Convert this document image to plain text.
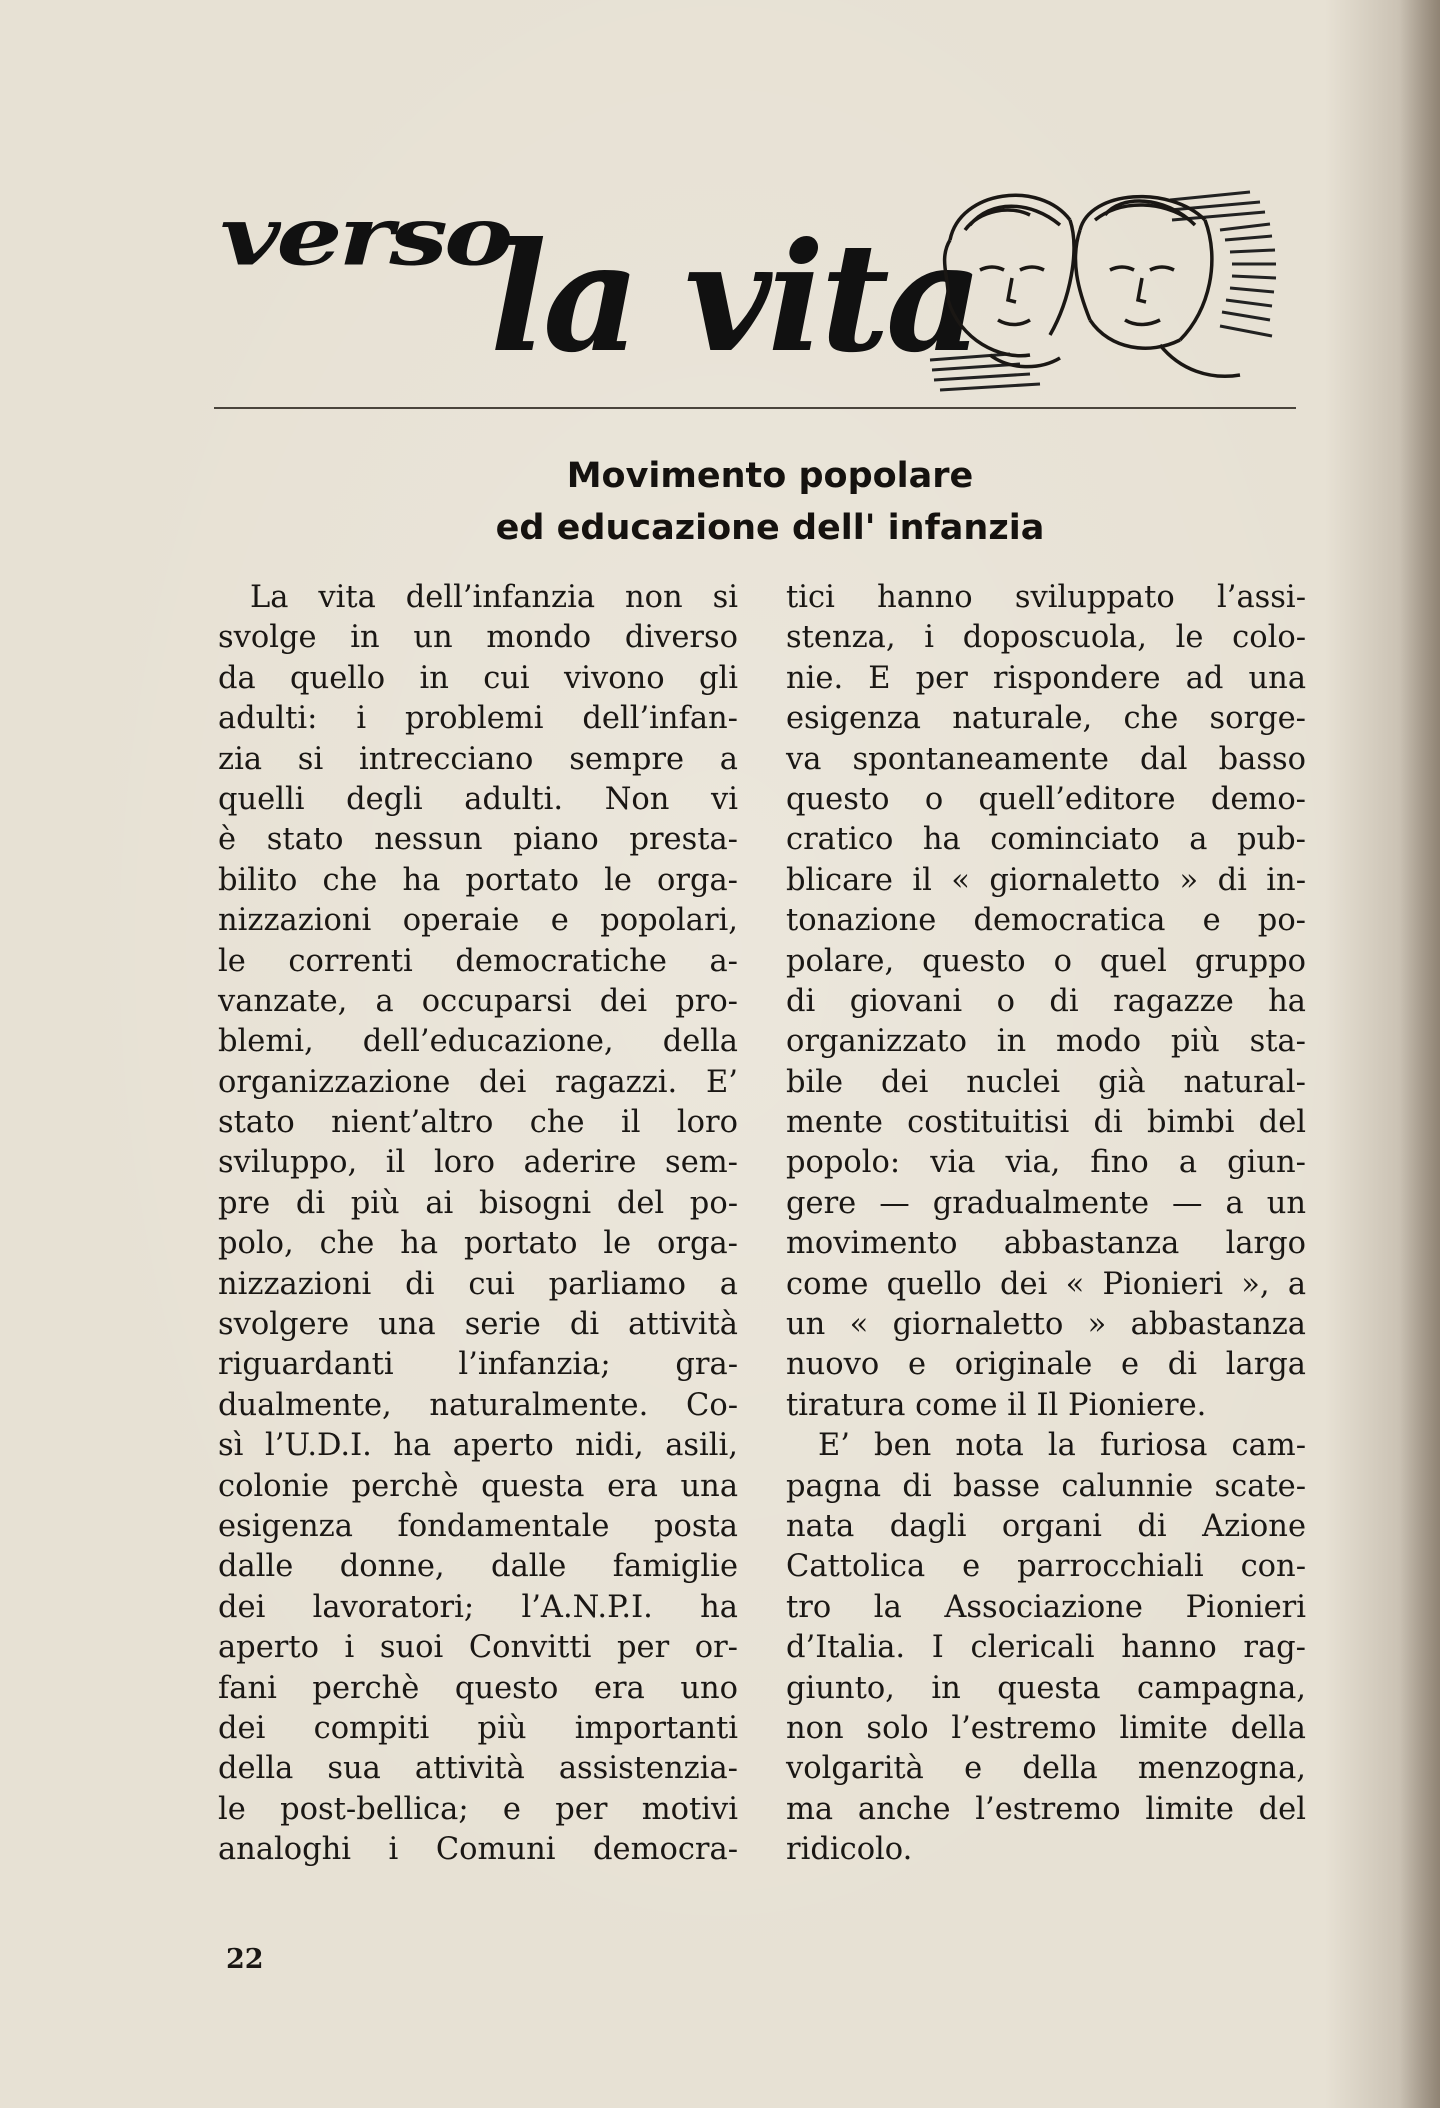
verso
la vita
Movimento popolare
ed educazione dell' infanzia
La vita dell’infanzia non si
svolge in un mondo diverso
da quello in cui vivono gli
adulti: i problemi dell’infan-
zia si intrecciano sempre a
quelli degli adulti. Non vi
è stato nessun piano presta-
bilito che ha portato le orga-
nizzazioni operaie e popolari,
le correnti democratiche a-
vanzate, a occuparsi dei pro-
blemi, dell’educazione, della
organizzazione dei ragazzi. E’
stato nient’altro che il loro
sviluppo, il loro aderire sem-
pre di più ai bisogni del po-
polo, che ha portato le orga-
nizzazioni di cui parliamo a
svolgere una serie di attività
riguardanti l’infanzia; gra-
dualmente, naturalmente. Co-
sì l’U.D.I. ha aperto nidi, asili,
colonie perchè questa era una
esigenza fondamentale posta
dalle donne, dalle famiglie
dei lavoratori; l’A.N.P.I. ha
aperto i suoi Convitti per or-
fani perchè questo era uno
dei compiti più importanti
della sua attività assistenzia-
le post-bellica; e per motivi
analoghi i Comuni democra-
tici hanno sviluppato l’assi-
stenza, i doposcuola, le colo-
nie. E per rispondere ad una
esigenza naturale, che sorge-
va spontaneamente dal basso
questo o quell’editore demo-
cratico ha cominciato a pub-
blicare il « giornaletto » di in-
tonazione democratica e po-
polare, questo o quel gruppo
di giovani o di ragazze ha
organizzato in modo più sta-
bile dei nuclei già natural-
mente costituitisi di bimbi del
popolo: via via, fino a giun-
gere — gradualmente — a un
movimento abbastanza largo
come quello dei « Pionieri », a
un « giornaletto » abbastanza
nuovo e originale e di larga
tiratura come il Il Pioniere.
E’ ben nota la furiosa cam-
pagna di basse calunnie scate-
nata dagli organi di Azione
Cattolica e parrocchiali con-
tro la Associazione Pionieri
d’Italia. I clericali hanno rag-
giunto, in questa campagna,
non solo l’estremo limite della
volgarità e della menzogna,
ma anche l’estremo limite del
ridicolo.
22
